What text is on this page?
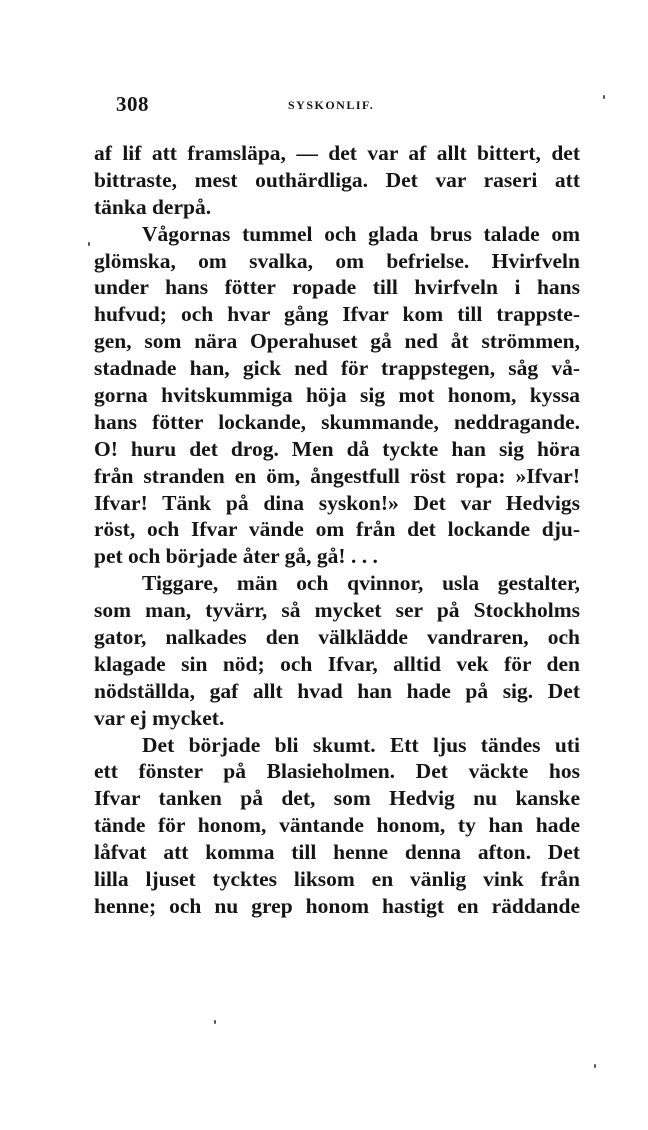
308	SYSKONLIF.
af lif att framsläpa, — det var af allt bittert, det
bittraste, mest outhärdliga. Det var raseri att
tänka derpå.
Vågornas tummel och glada brus talade om
glömska, om svalka, om befrielse. Hvirfveln
under hans fötter ropade till hvirfveln i hans
hufvud; och hvar gång Ifvar kom till trappste-
gen, som nära Operahuset gå ned åt strömmen,
stadnade han, gick ned för trappstegen, såg vå-
gorna hvitskummiga höja sig mot honom, kyssa
hans fötter lockande, skummande, neddragande.
O! huru det drog. Men då tyckte han sig höra
från stranden en öm, ångestfull röst ropa: »Ifvar!
Ifvar! Tänk på dina syskon!» Det var Hedvigs
röst, och Ifvar vände om från det lockande dju-
pet och började åter gå, gå! . . .
Tiggare, män och qvinnor, usla gestalter,
som man, tyvärr, så mycket ser på Stockholms
gator, nalkades den välklädde vandraren, och
klagade sin nöd; och Ifvar, alltid vek för den
nödställda, gaf allt hvad han hade på sig. Det
var ej mycket.
Det började bli skumt. Ett ljus tändes uti
ett fönster på Blasieholmen. Det väckte hos
Ifvar tanken på det, som Hedvig nu kanske
tände för honom, väntande honom, ty han hade
låfvat att komma till henne denna afton. Det
lilla ljuset tycktes liksom en vänlig vink från
henne; och nu grep honom hastigt en räddande
